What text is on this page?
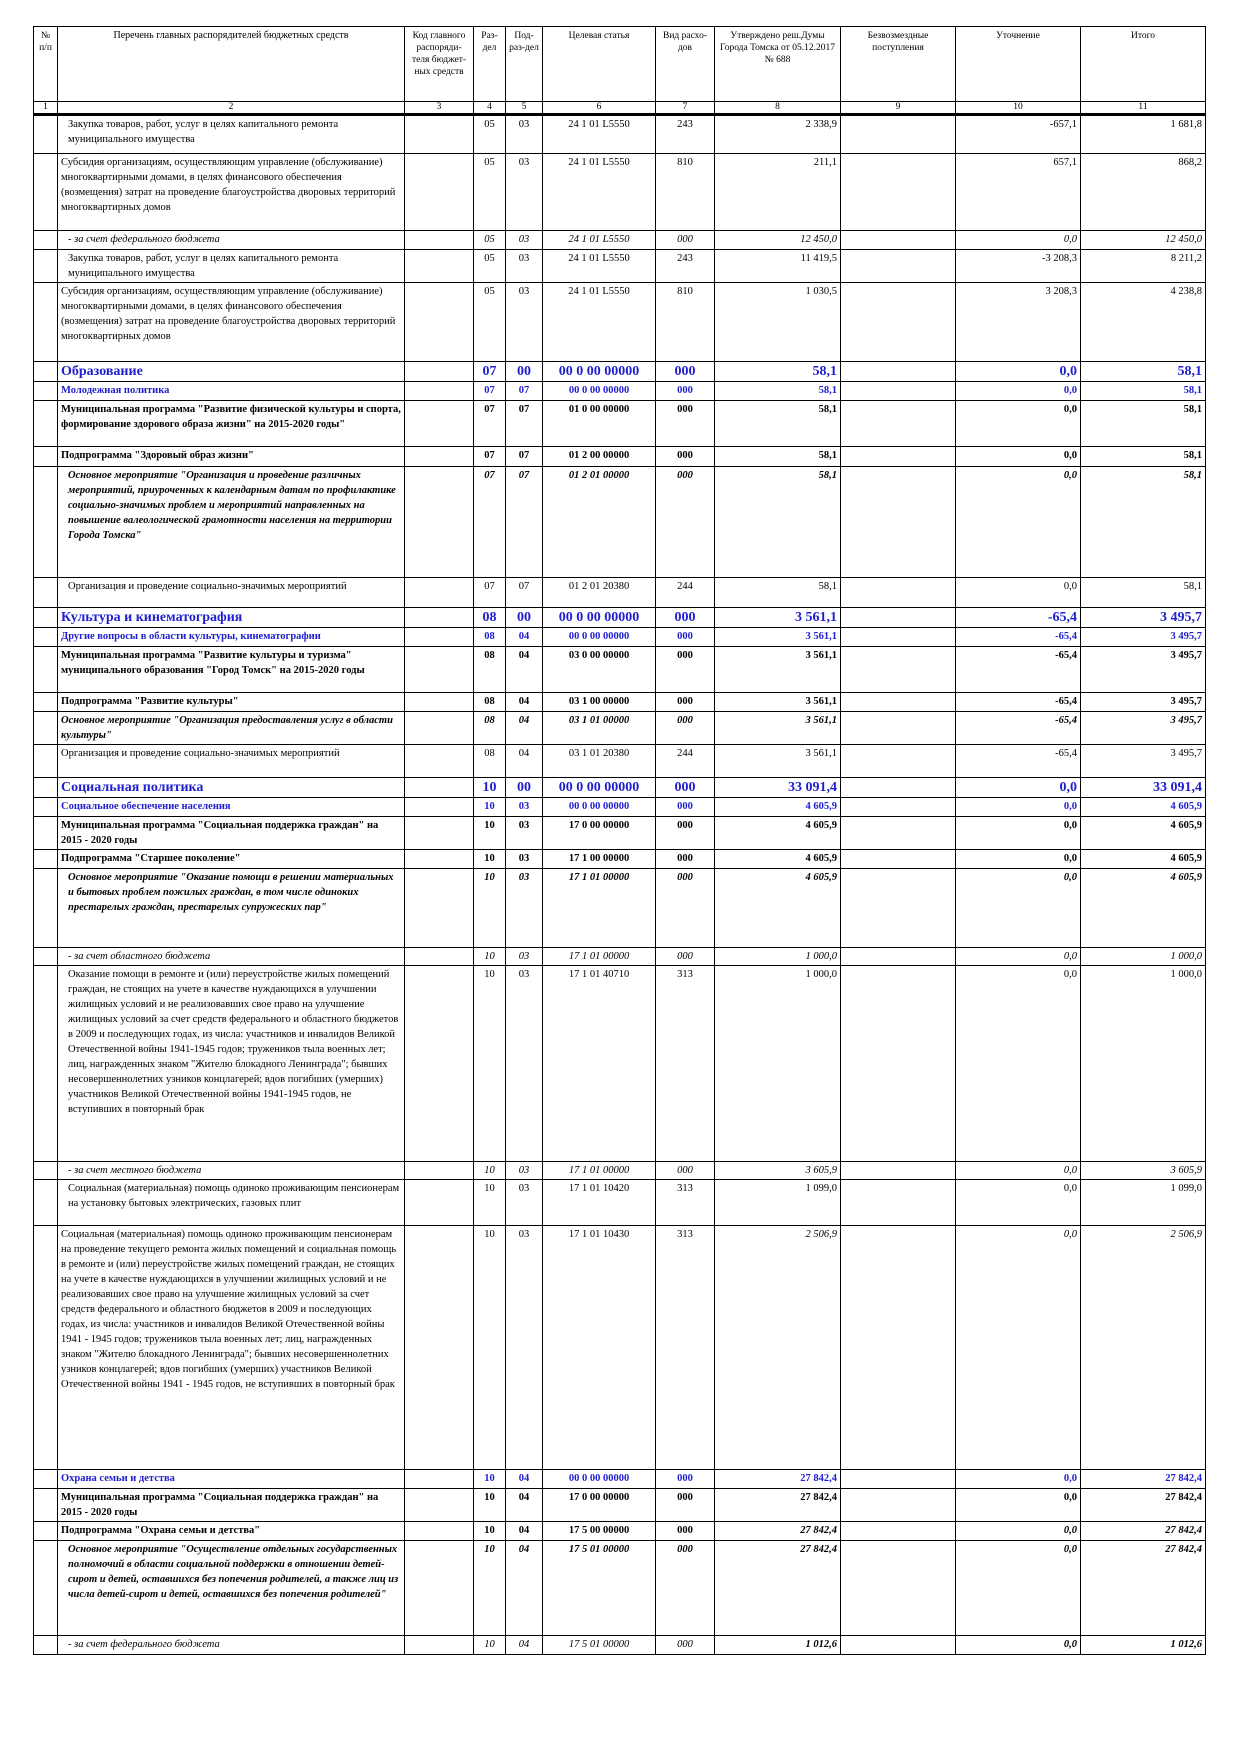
№ п/п	Перечень главных распорядителей бюджетных средств	Код главного распоряди-теля бюджет-ных средств	Раз-дел	Под-раз-дел	Целевая статья	Вид расхо-дов	Утверждено реш.Думы Города Томска от 05.12.2017 № 688	Безвозмездные поступления	Уточнение	Итого
1	2	3	4	5	6	7	8	9	10	11
	Закупка товаров, работ, услуг в целях капитального ремонта муниципального имущества		05	03	24 1 01 L5550	243	2 338,9		-657,1	1 681,8
	Субсидия организациям, осуществляющим управление (обслуживание) многоквартирными домами, в целях финансового обеспечения (возмещения) затрат на проведение благоустройства дворовых территорий многоквартирных домов		05	03	24 1 01 L5550	810	211,1		657,1	868,2
	- за счет федерального бюджета		05	03	24 1 01 L5550	000	12 450,0		0,0	12 450,0
	Закупка товаров, работ, услуг в целях капитального ремонта муниципального имущества		05	03	24 1 01 L5550	243	11 419,5		-3 208,3	8 211,2
	Субсидия организациям, осуществляющим управление (обслуживание) многоквартирными домами, в целях финансового обеспечения (возмещения) затрат на проведение благоустройства дворовых территорий многоквартирных домов		05	03	24 1 01 L5550	810	1 030,5		3 208,3	4 238,8
	Образование		07	00	00 0 00 00000	000	58,1		0,0	58,1
	Молодежная политика		07	07	00 0 00 00000	000	58,1		0,0	58,1
	Муниципальная программа "Развитие физической культуры и спорта, формирование здорового образа жизни" на 2015-2020 годы"		07	07	01 0 00 00000	000	58,1		0,0	58,1
	Подпрограмма "Здоровый образ жизни"		07	07	01 2 00 00000	000	58,1		0,0	58,1
	Основное мероприятие "Организация и проведение различных мероприятий, приуроченных к календарным датам по профилактике социально-значимых проблем и мероприятий направленных на повышение валеологической грамотности населения на территории Города Томска"		07	07	01 2 01 00000	000	58,1		0,0	58,1
	Организация и проведение социально-значимых мероприятий		07	07	01 2 01 20380	244	58,1		0,0	58,1
	Культура и кинематография		08	00	00 0 00 00000	000	3 561,1		-65,4	3 495,7
	Другие вопросы в области культуры, кинематографии		08	04	00 0 00 00000	000	3 561,1		-65,4	3 495,7
	Муниципальная программа "Развитие культуры и туризма" муниципального образования "Город Томск" на 2015-2020 годы		08	04	03 0 00 00000	000	3 561,1		-65,4	3 495,7
	Подпрограмма "Развитие культуры"		08	04	03 1 00 00000	000	3 561,1		-65,4	3 495,7
	Основное мероприятие "Организация предоставления услуг в области культуры"		08	04	03 1 01 00000	000	3 561,1		-65,4	3 495,7
	Организация и проведение социально-значимых мероприятий		08	04	03 1 01 20380	244	3 561,1		-65,4	3 495,7
	Социальная политика		10	00	00 0 00 00000	000	33 091,4		0,0	33 091,4
	Социальное обеспечение населения		10	03	00 0 00 00000	000	4 605,9		0,0	4 605,9
	Муниципальная программа "Социальная поддержка граждан" на 2015 - 2020 годы		10	03	17 0 00 00000	000	4 605,9		0,0	4 605,9
	Подпрограмма "Старшее поколение"		10	03	17 1 00 00000	000	4 605,9		0,0	4 605,9
	Основное мероприятие "Оказание помощи в решении материальных и бытовых проблем пожилых граждан, в том числе одиноких престарелых граждан, престарелых супружеских пар"		10	03	17 1 01 00000	000	4 605,9		0,0	4 605,9
	- за счет областного бюджета		10	03	17 1 01 00000	000	1 000,0		0,0	1 000,0
	Оказание помощи в ремонте и (или) переустройстве жилых помещений граждан, не стоящих на учете в качестве нуждающихся в улучшении жилищных условий и не реализовавших свое право на улучшение жилищных условий за счет средств федерального и областного бюджетов в 2009 и последующих годах, из числа: участников и инвалидов Великой Отечественной войны 1941-1945 годов; тружеников тыла военных лет; лиц, награжденных знаком "Жителю блокадного Ленинграда"; бывших несовершеннолетних узников концлагерей; вдов погибших (умерших) участников Великой Отечественной войны 1941-1945 годов, не вступивших в повторный брак		10	03	17 1 01 40710	313	1 000,0		0,0	1 000,0
	- за счет местного бюджета		10	03	17 1 01 00000	000	3 605,9		0,0	3 605,9
	Социальная (материальная) помощь одиноко проживающим пенсионерам на установку бытовых электрических, газовых плит		10	03	17 1 01 10420	313	1 099,0		0,0	1 099,0
	Социальная (материальная) помощь одиноко проживающим пенсионерам на проведение текущего ремонта жилых помещений и социальная помощь в ремонте и (или) переустройстве жилых помещений граждан, не стоящих на учете в качестве нуждающихся в улучшении жилищных условий и не реализовавших свое право на улучшение жилищных условий за счет средств федерального и областного бюджетов в 2009 и последующих годах, из числа: участников и инвалидов Великой Отечественной войны 1941 - 1945 годов; тружеников тыла военных лет; лиц, награжденных знаком "Жителю блокадного Ленинграда"; бывших несовершеннолетних узников концлагерей; вдов погибших (умерших) участников Великой Отечественной войны 1941 - 1945 годов, не вступивших в повторный брак		10	03	17 1 01 10430	313	2 506,9		0,0	2 506,9
	Охрана семьи и детства		10	04	00 0 00 00000	000	27 842,4		0,0	27 842,4
	Муниципальная программа "Социальная поддержка граждан" на 2015 - 2020 годы		10	04	17 0 00 00000	000	27 842,4		0,0	27 842,4
	Подпрограмма "Охрана семьи и детства"		10	04	17 5 00 00000	000	27 842,4		0,0	27 842,4
	Основное мероприятие "Осуществление отдельных государственных полномочий в области социальной поддержки в отношении детей-сирот и детей, оставшихся без попечения родителей, а также лиц из числа детей-сирот и детей, оставшихся без попечения родителей"		10	04	17 5 01 00000	000	27 842,4		0,0	27 842,4
	- за счет федерального бюджета		10	04	17 5 01 00000	000	1 012,6		0,0	1 012,6
